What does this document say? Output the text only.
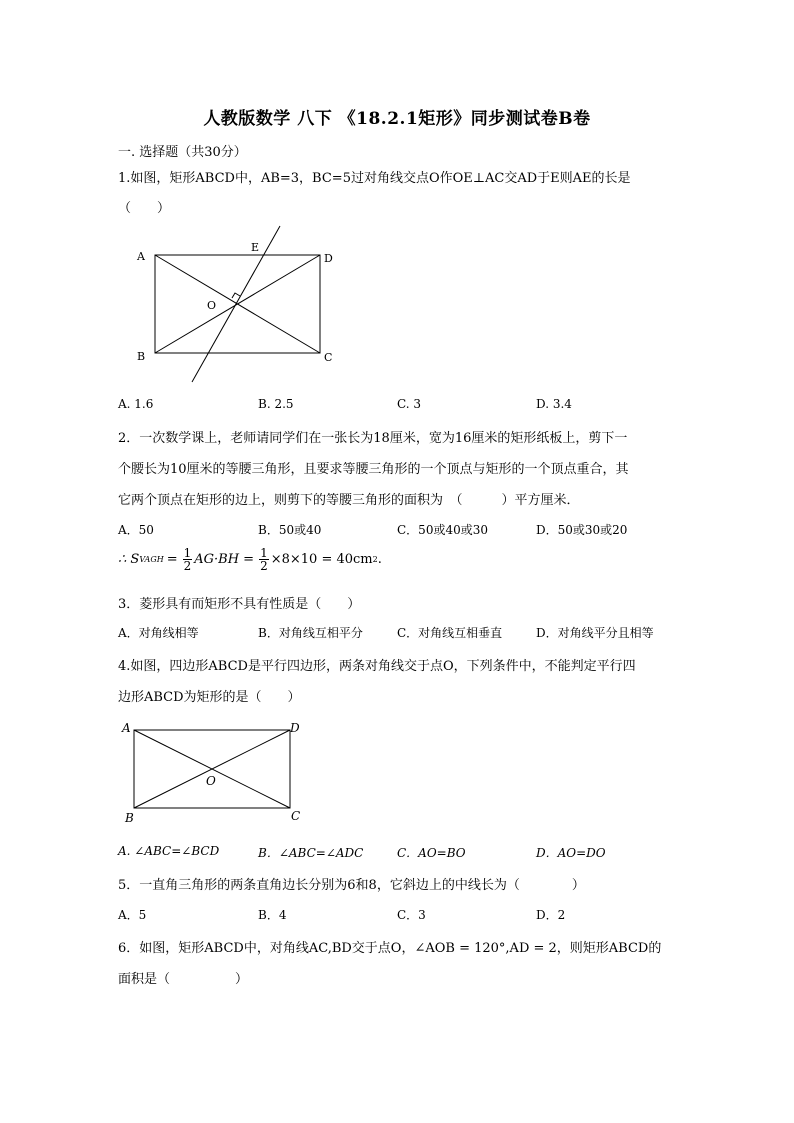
人教版数学 八下 《18.2.1矩形》同步测试卷B卷
一. 选择题（共30分）
1.如图，矩形ABCD中，AB=3，BC=5过对角线交点O作OE⊥AC交AD于E则AE的长是
（　　）
A
B	C
D
E
O
A. 1.6	B. 2.5	C. 3	D. 3.4
2．一次数学课上，老师请同学们在一张长为18厘米，宽为16厘米的矩形纸板上，剪下一
个腰长为10厘米的等腰三角形，且要求等腰三角形的一个顶点与矩形的一个顶点重合，其
它两个顶点在矩形的边上，则剪下的等腰三角形的面积为　（　　　）平方厘米．
A．50	B．50或40	C．50或40或30	D．50或30或20
∴ S VAGH = $\frac{1}{2} AG\cdot BH = \frac{1}{2} \times 8\times 10 = 40cm$ 2 .
3．菱形具有而矩形不具有性质是（　　）
A．对角线相等	B．对角线互相平分	C．对角线互相垂直	D．对角线平分且相等
4.如图，四边形ABCD是平行四边形，两条对角线交于点O，下列条件中，不能判定平行四
边形ABCD为矩形的是（　　）
A
B	C
D
O
A. ∠ABC=∠BCD	B．∠ABC=∠ADC	C．AO=BO	D．AO=DO
5．一直角三角形的两条直角边长分别为6和8，它斜边上的中线长为（　　　　）
A．5	B．4	C．3	D．2
6．如图，矩形ABCD中，对角线AC,BD交于点O，∠AOB = 120°,AD = 2，则矩形ABCD的
面积是（　　　　　）
